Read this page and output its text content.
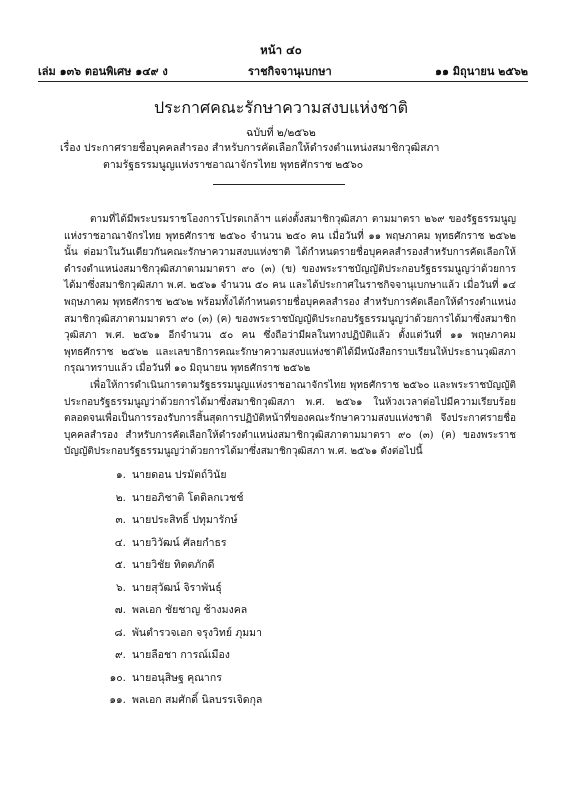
หน้า ๔๐
เล่ม ๑๓๖ ตอนพิเศษ ๑๔๙ ง	ราชกิจจานุเบกษา	๑๑ มิถุนายน ๒๕๖๒
ประกาศคณะรักษาความสงบแห่งชาติ
ฉบับที่ ๒/๒๕๖๒
เรื่อง ประกาศรายชื่อบุคคลสำรอง สำหรับการคัดเลือกให้ดำรงตำแหน่งสมาชิกวุฒิสภา
ตามรัฐธรรมนูญแห่งราชอาณาจักรไทย พุทธศักราช ๒๕๖๐

ตามที่ได้มีพระบรมราชโองการโปรดเกล้าฯ แต่งตั้งสมาชิกวุฒิสภา ตามมาตรา ๒๖๙ ของรัฐธรรมนูญแห่งราชอาณาจักรไทย พุทธศักราช ๒๕๖๐ จำนวน ๒๕๐ คน เมื่อวันที่ ๑๑ พฤษภาคม พุทธศักราช ๒๕๖๒ นั้น ต่อมาในวันเดียวกันคณะรักษาความสงบแห่งชาติ ได้กำหนดรายชื่อบุคคลสำรองสำหรับการคัดเลือกให้ดำรงตำแหน่งสมาชิกวุฒิสภาตามมาตรา ๙๐ (๓) (ข) ของพระราชบัญญัติประกอบรัฐธรรมนูญว่าด้วยการได้มาซึ่งสมาชิกวุฒิสภา พ.ศ. ๒๕๖๑ จำนวน ๕๐ คน และได้ประกาศในราชกิจจานุเบกษาแล้ว เมื่อวันที่ ๑๔ พฤษภาคม พุทธศักราช ๒๕๖๒ พร้อมทั้งได้กำหนดรายชื่อบุคคลสำรอง สำหรับการคัดเลือกให้ดำรงตำแหน่งสมาชิกวุฒิสภาตามมาตรา ๙๐ (๓) (ค) ของพระราชบัญญัติประกอบรัฐธรรมนูญว่าด้วยการได้มาซึ่งสมาชิกวุฒิสภา พ.ศ. ๒๕๖๑ อีกจำนวน ๕๐ คน ซึ่งถือว่ามีผลในทางปฏิบัติแล้ว ตั้งแต่วันที่ ๑๑ พฤษภาคม พุทธศักราช ๒๕๖๒ และเลขาธิการคณะรักษาความสงบแห่งชาติได้มีหนังสือกราบเรียนให้ประธานวุฒิสภากรุณาทราบแล้ว เมื่อวันที่ ๑๐ มิถุนายน พุทธศักราช ๒๕๖๒

เพื่อให้การดำเนินการตามรัฐธรรมนูญแห่งราชอาณาจักรไทย พุทธศักราช ๒๕๖๐ และพระราชบัญญัติประกอบรัฐธรรมนูญว่าด้วยการได้มาซึ่งสมาชิกวุฒิสภา พ.ศ. ๒๕๖๑ ในห้วงเวลาต่อไปมีความเรียบร้อย ตลอดจนเพื่อเป็นการรองรับการสิ้นสุดการปฏิบัติหน้าที่ของคณะรักษาความสงบแห่งชาติ จึงประกาศรายชื่อบุคคลสำรอง สำหรับการคัดเลือกให้ดำรงตำแหน่งสมาชิกวุฒิสภาตามมาตรา ๙๐ (๓) (ค) ของพระราชบัญญัติประกอบรัฐธรรมนูญว่าด้วยการได้มาซึ่งสมาชิกวุฒิสภา พ.ศ. ๒๕๖๑ ดังต่อไปนี้

๑. นายดอน ปรมัตถ์วินัย
๒. นายอภิชาติ โตดิลกเวชช์
๓. นายประสิทธิ์ ปทุมารักษ์
๔. นายวิวัฒน์ ศัลยกำธร
๕. นายวิชัย ทิตตภักดี
๖. นายสุวัฒน์ จิราพันธุ์
๗. พลเอก ชัยชาญ ช้างมงคล
๘. พันตำรวจเอก จรุงวิทย์ ภุมมา
๙. นายลือชา การณ์เมือง
๑๐. นายอนุสิษฐ คุณากร
๑๑. พลเอก สมศักดิ์ นิลบรรเจิดกุล
